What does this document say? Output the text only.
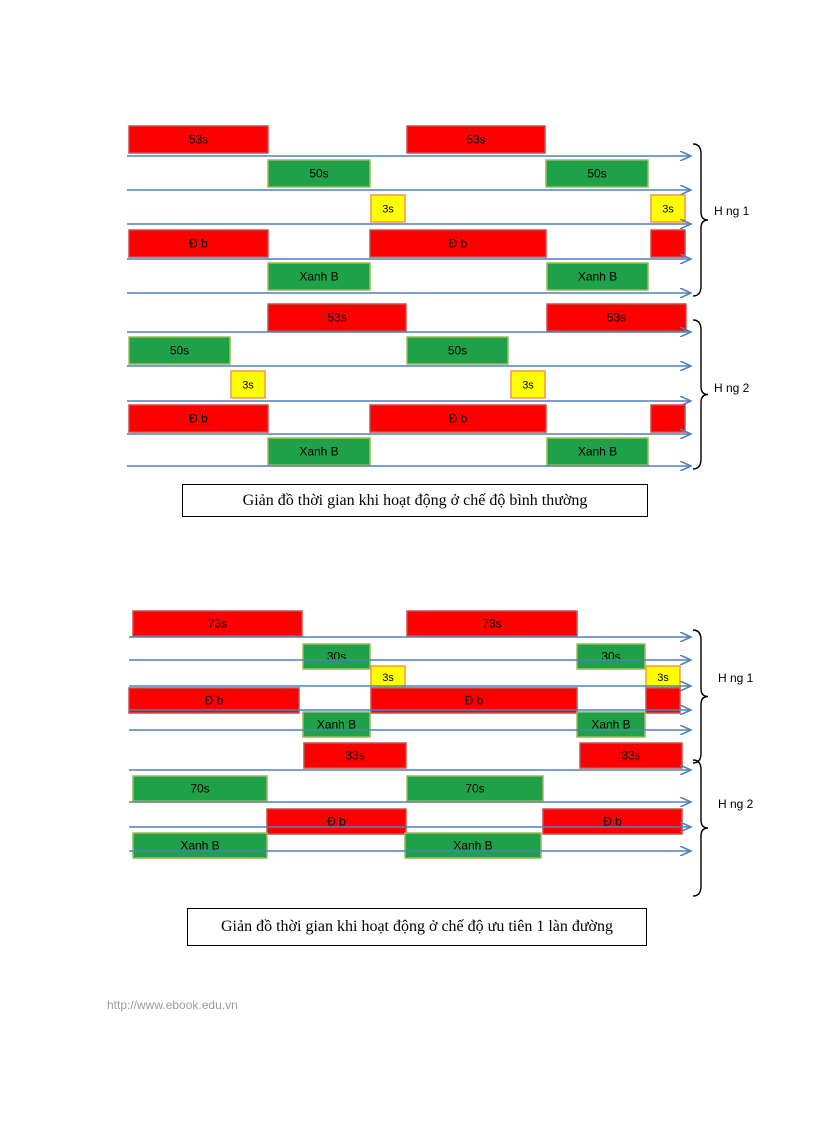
53s	53s
50s	50s
3s	3s
Đ b	Đ b
Xanh B	Xanh B
53s	53s
50s	50s
3s	3s
Đ b	Đ b
Xanh B	Xanh B
H ng 1
H ng 2
73s	73s
30s	30s
3s	3s
Đ b	Đ b
Xanh B	Xanh B
33s	33s
70s	70s
Đ b	Đ b
Xanh B	Xanh B
H ng 1
H ng 2
Giản đồ thời gian khi hoạt động ở chế độ bình thường
Giản đồ thời gian khi hoạt động ở chế độ ưu tiên 1 làn đường
http://www.ebook.edu.vn
